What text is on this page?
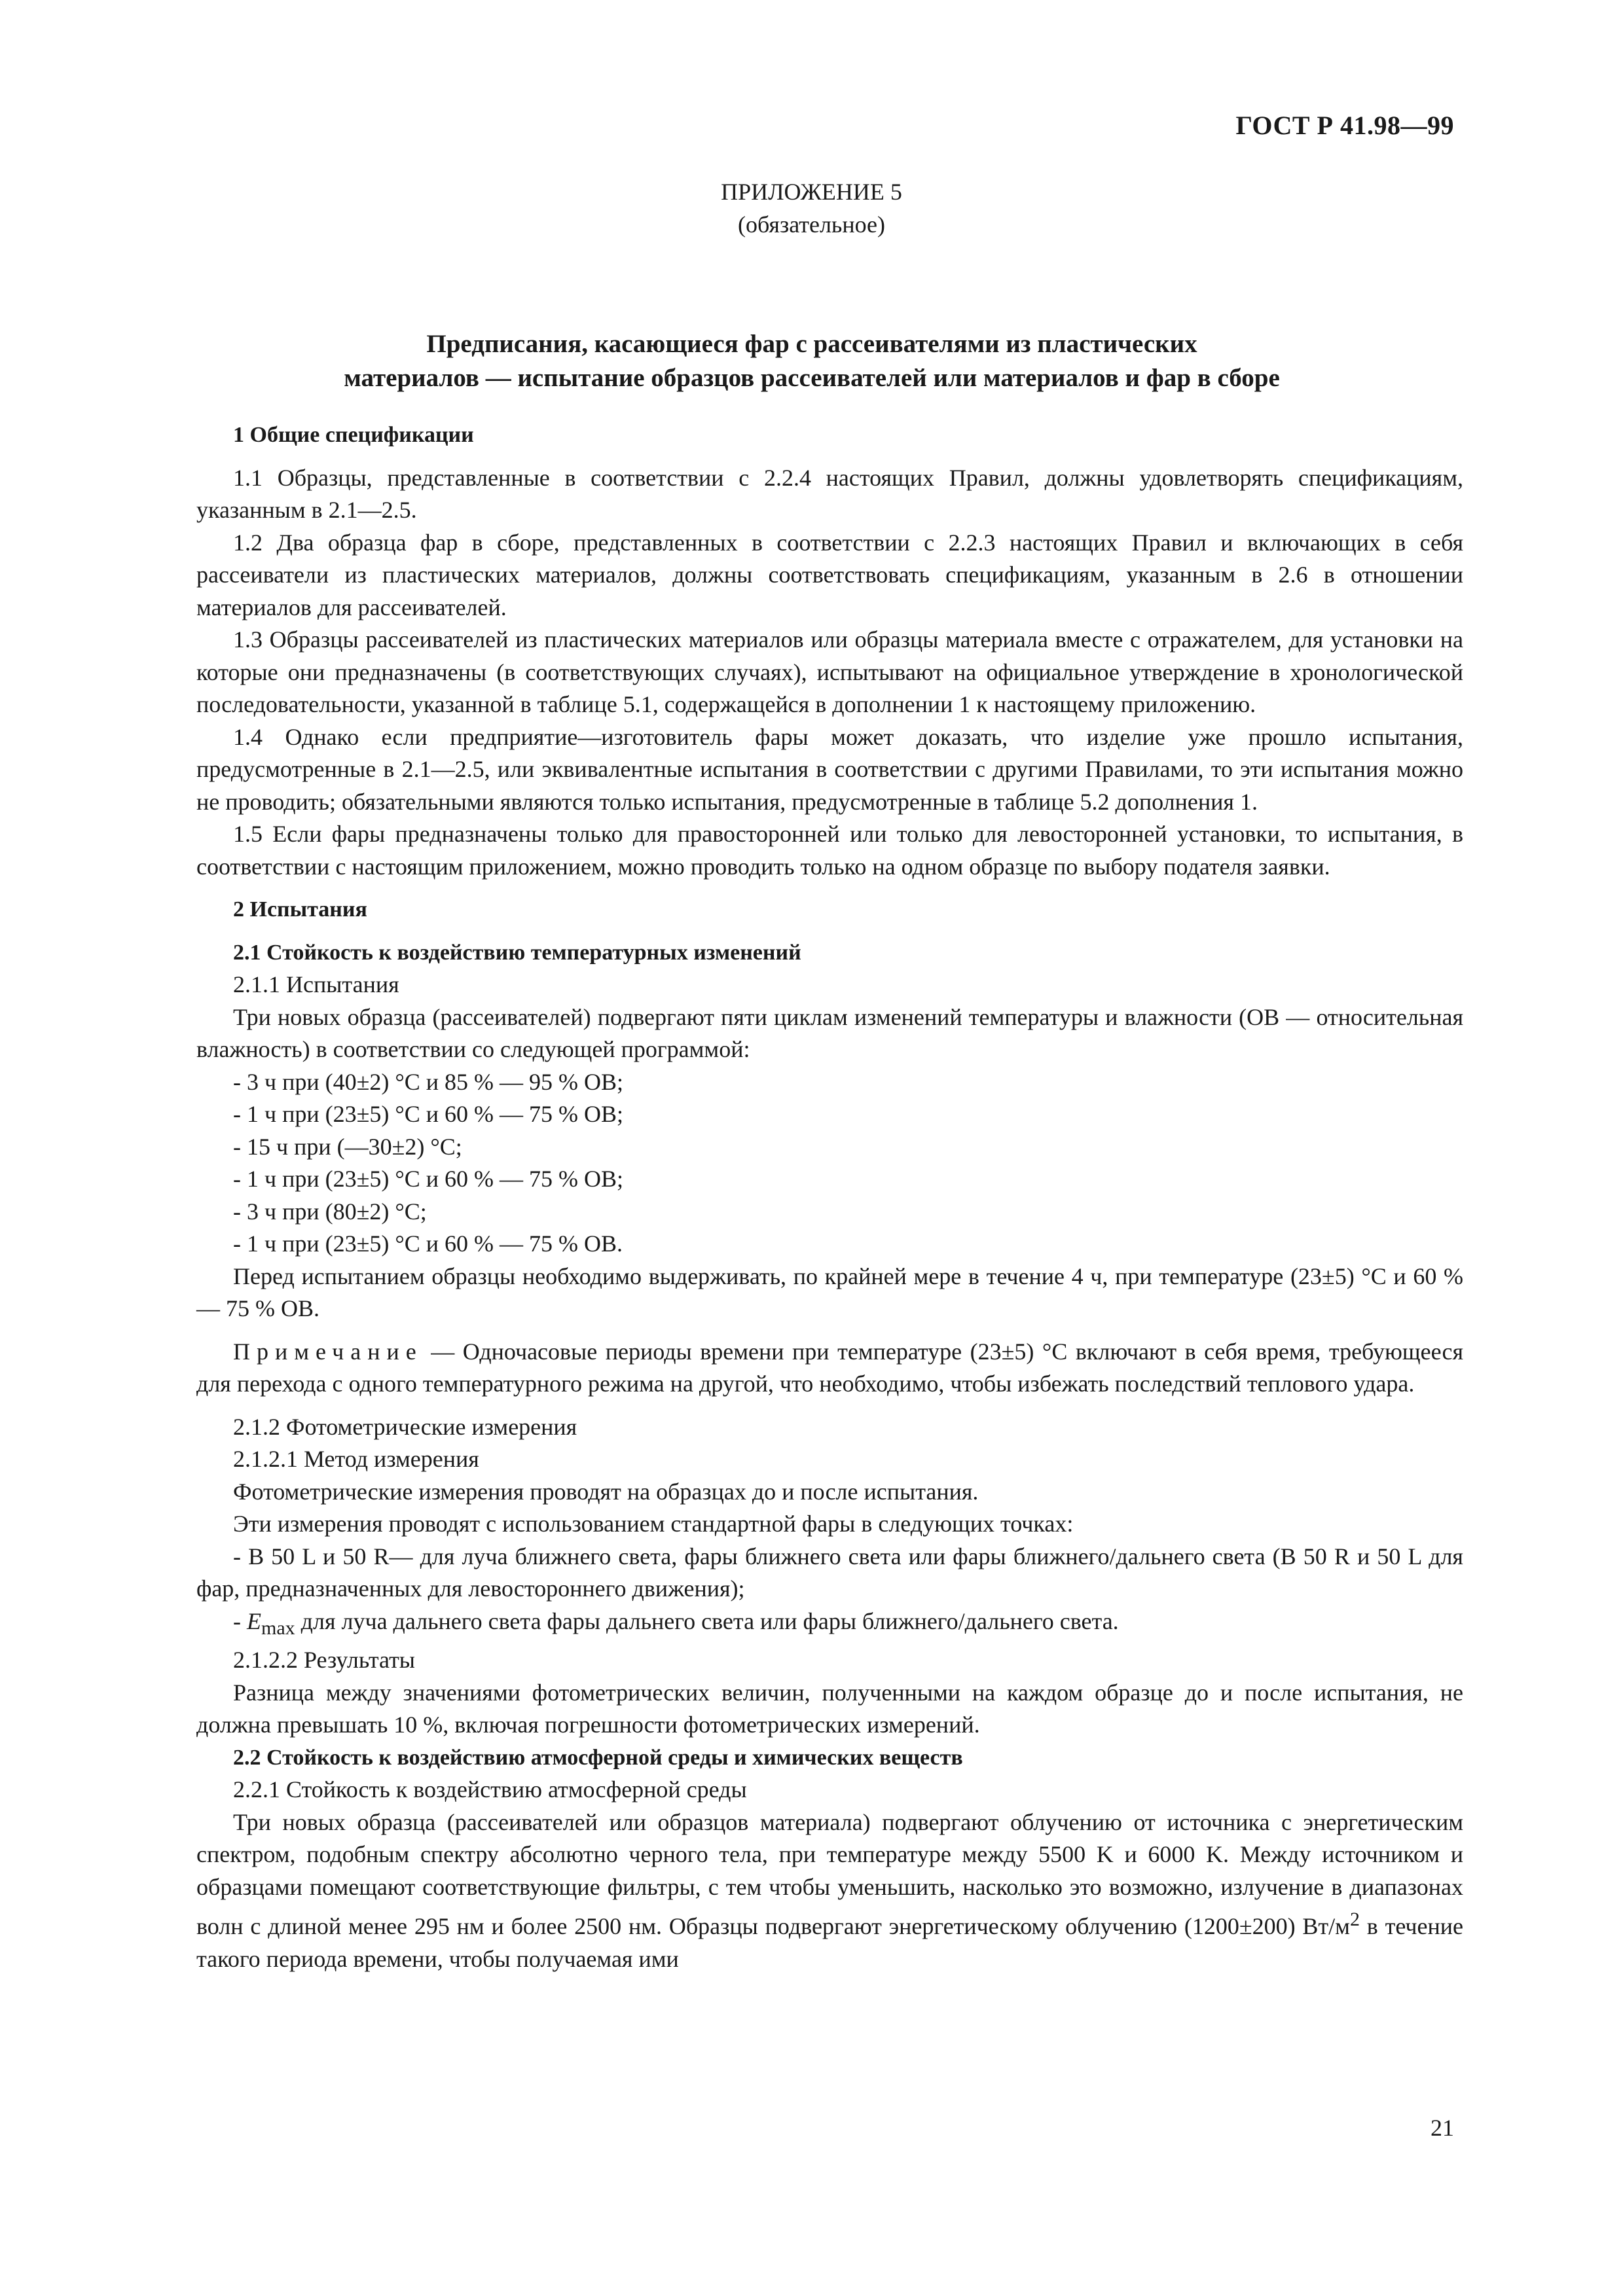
ГОСТ Р 41.98—99
ПРИЛОЖЕНИЕ 5
(обязательное)
Предписания, касающиеся фар с рассеивателями из пластических
материалов — испытание образцов рассеивателей или материалов и фар в сборе

1 Общие спецификации

1.1 Образцы, представленные в соответствии с 2.2.4 настоящих Правил, должны удовлетворять спецификациям, указанным в 2.1—2.5.

1.2 Два образца фар в сборе, представленных в соответствии с 2.2.3 настоящих Правил и включающих в себя рассеиватели из пластических материалов, должны соответствовать спецификациям, указанным в 2.6 в отношении материалов для рассеивателей.

1.3 Образцы рассеивателей из пластических материалов или образцы материала вместе с отражателем, для установки на которые они предназначены (в соответствующих случаях), испытывают на официальное утверждение в хронологической последовательности, указанной в таблице 5.1, содержащейся в дополнении 1 к настоящему приложению.

1.4 Однако если предприятие—изготовитель фары может доказать, что изделие уже прошло испытания, предусмотренные в 2.1—2.5, или эквивалентные испытания в соответствии с другими Правилами, то эти испытания можно не проводить; обязательными являются только испытания, предусмотренные в таблице 5.2 дополнения 1.

1.5 Если фары предназначены только для правосторонней или только для левосторонней установки, то испытания, в соответствии с настоящим приложением, можно проводить только на одном образце по выбору подателя заявки.

2 Испытания

2.1 Стойкость к воздействию температурных изменений

2.1.1 Испытания

Три новых образца (рассеивателей) подвергают пяти циклам изменений температуры и влажности (ОВ — относительная влажность) в соответствии со следующей программой:

- 3 ч при (40±2) °С и 85 % — 95 % ОВ;

- 1 ч при (23±5) °С и 60 % — 75 % ОВ;

- 15 ч при (—30±2) °С;

- 1 ч при (23±5) °С и 60 % — 75 % ОВ;

- 3 ч при (80±2) °С;

- 1 ч при (23±5) °С и 60 % — 75 % ОВ.

Перед испытанием образцы необходимо выдерживать, по крайней мере в течение 4 ч, при температуре (23±5) °С и 60 % — 75 % ОВ.

Примечание — Одночасовые периоды времени при температуре (23±5) °С включают в себя время, требующееся для перехода с одного температурного режима на другой, что необходимо, чтобы избежать последствий теплового удара.

2.1.2 Фотометрические измерения

2.1.2.1 Метод измерения

Фотометрические измерения проводят на образцах до и после испытания.

Эти измерения проводят с использованием стандартной фары в следующих точках:

- B 50 L и 50 R— для луча ближнего света, фары ближнего света или фары ближнего/дальнего света (B 50 R и 50 L для фар, предназначенных для левостороннего движения);

- $E_{max}$ для луча дальнего света фары дальнего света или фары ближнего/дальнего света.

2.1.2.2 Результаты

Разница между значениями фотометрических величин, полученными на каждом образце до и после испытания, не должна превышать 10 %, включая погрешности фотометрических измерений.

2.2 Стойкость к воздействию атмосферной среды и химических веществ

2.2.1 Стойкость к воздействию атмосферной среды

Три новых образца (рассеивателей или образцов материала) подвергают облучению от источника с энергетическим спектром, подобным спектру абсолютно черного тела, при температуре между 5500 K и 6000 K. Между источником и образцами помещают соответствующие фильтры, с тем чтобы уменьшить, насколько это возможно, излучение в диапазонах волн с длиной менее 295 нм и более 2500 нм. Образцы подвергают энергетическому облучению (1200±200) $Вт/м^2$ в течение такого периода времени, чтобы получаемая ими

21
